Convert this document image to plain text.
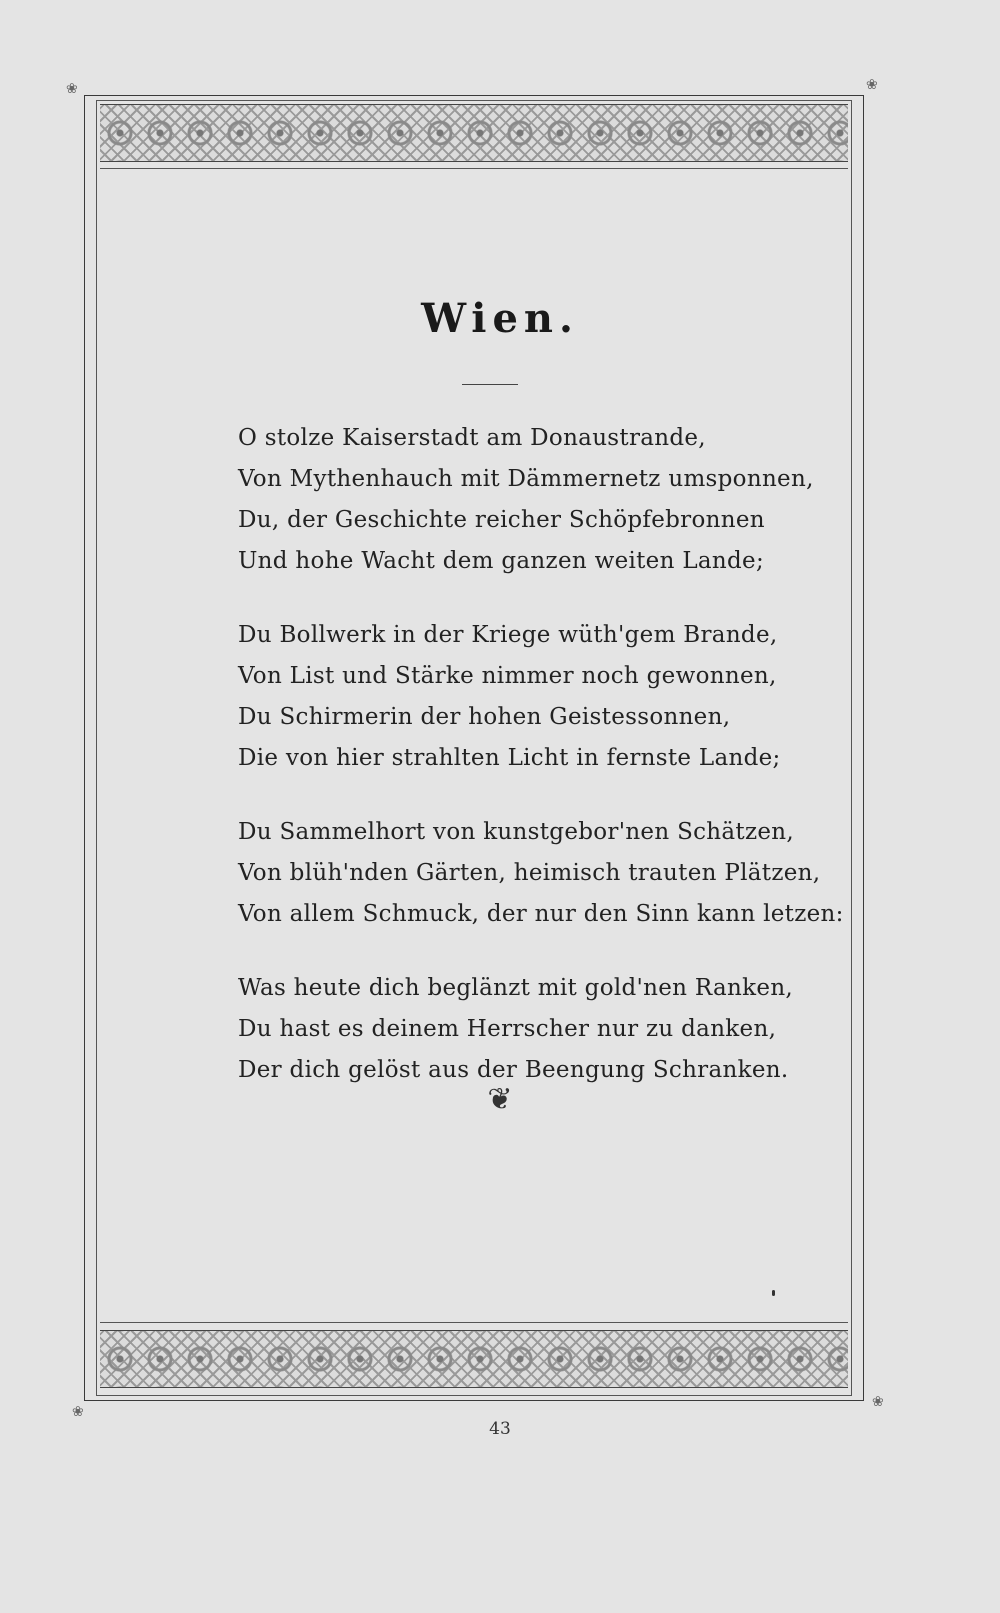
❀	❀
❀
❀
Wien.
O stolze Kaiserstadt am Donaustrande,
Von Mythenhauch mit Dämmernetz umsponnen,
Du, der Geschichte reicher Schöpfebronnen
Und hohe Wacht dem ganzen weiten Lande;
Du Bollwerk in der Kriege wüth'gem Brande,
Von List und Stärke nimmer noch gewonnen,
Du Schirmerin der hohen Geistessonnen,
Die von hier strahlten Licht in fernste Lande;
Du Sammelhort von kunstgebor'nen Schätzen,
Von blüh'nden Gärten, heimisch trauten Plätzen,
Von allem Schmuck, der nur den Sinn kann letzen:
Was heute dich beglänzt mit gold'nen Ranken,
Du hast es deinem Herrscher nur zu danken,
Der dich gelöst aus der Beengung Schranken.
❦
43
